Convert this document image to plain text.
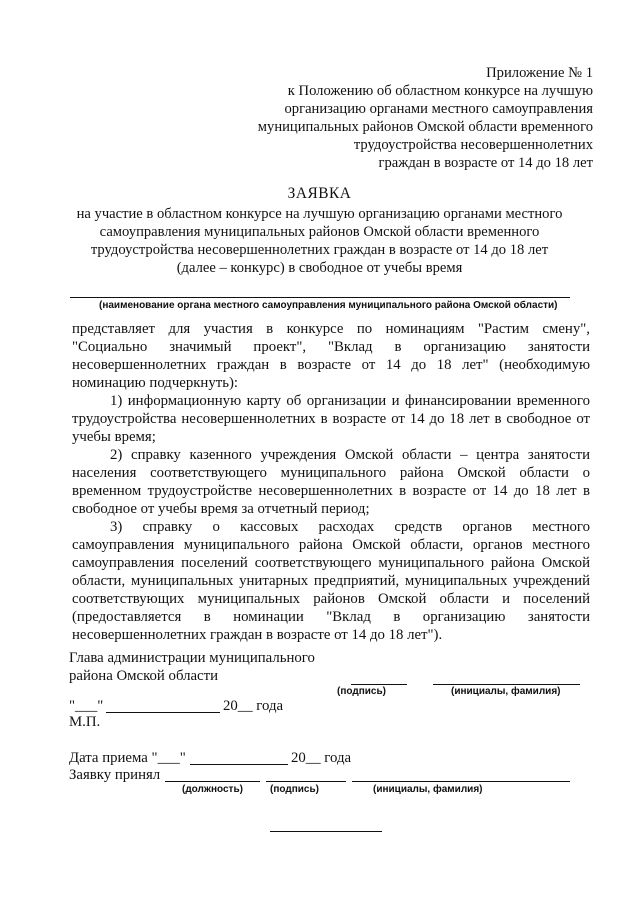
Приложение № 1
к Положению об областном конкурсе на лучшую
организацию органами местного самоуправления
муниципальных районов Омской области временного
трудоустройства несовершеннолетних
граждан в возрасте от 14 до 18 лет
ЗАЯВКА
на участие в областном конкурсе на лучшую организацию органами местного
самоуправления муниципальных районов Омской области временного
трудоустройства несовершеннолетних граждан в возрасте от 14 до 18 лет
(далее – конкурс) в свободное от учебы время
(наименование органа местного самоуправления муниципального района Омской области)
представляет для участия в конкурсе по номинациям "Растим смену",
"Социально значимый проект", "Вклад в организацию занятости
несовершеннолетних граждан в возрасте от 14 до 18 лет" (необходимую
номинацию подчеркнуть):
1) информационную карту об организации и финансировании временного
трудоустройства несовершеннолетних в возрасте от 14 до 18 лет в свободное от
учебы время;
2) справку казенного учреждения Омской области – центра занятости
населения соответствующего муниципального района Омской области о
временном трудоустройстве несовершеннолетних в возрасте от 14 до 18 лет в
свободное от учебы время за отчетный период;
3) справку о кассовых расходах средств органов местного
самоуправления муниципального района Омской области, органов местного
самоуправления поселений соответствующего муниципального района Омской
области, муниципальных унитарных предприятий, муниципальных учреждений
соответствующих муниципальных районов Омской области и поселений
(предоставляется в номинации "Вклад в организацию занятости
несовершеннолетних граждан в возрасте от 14 до 18 лет").
Глава администрации муниципального
района Омской области
(подпись)	(инициалы, фамилия)
"___"	20__ года
М.П.
Дата приема "___"	20__ года
Заявку принял
(должность)	(подпись)	(инициалы, фамилия)
